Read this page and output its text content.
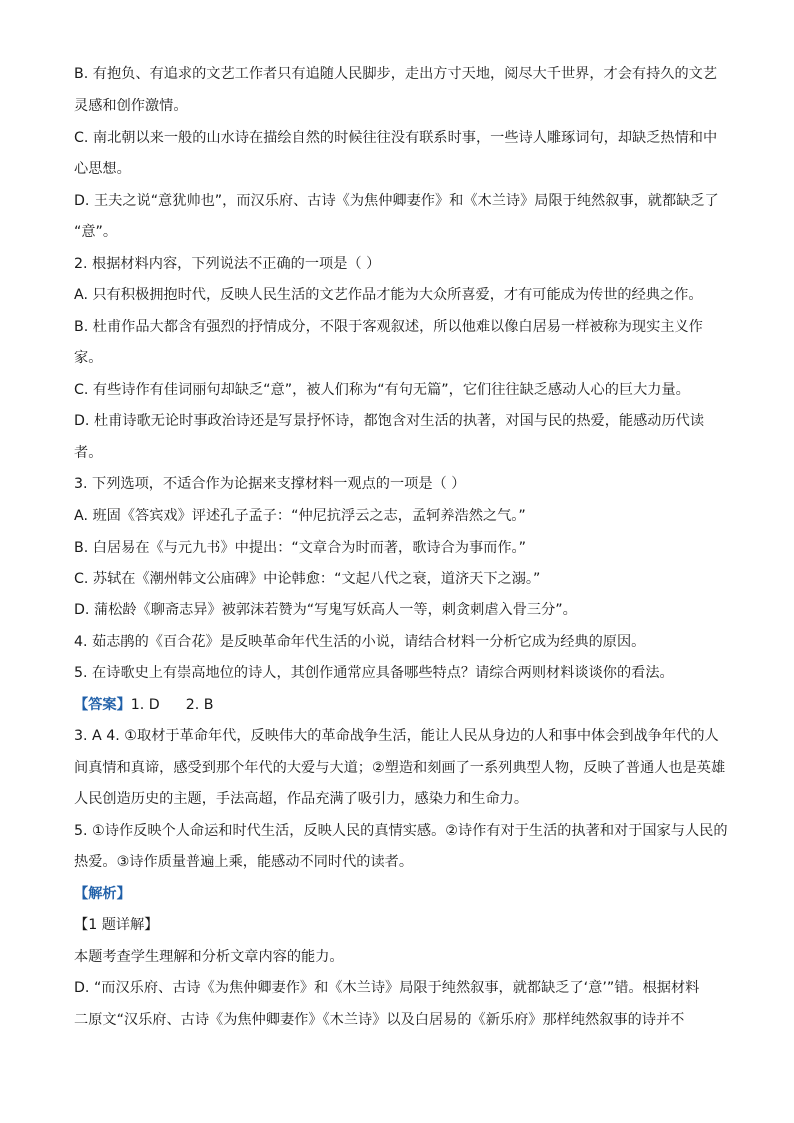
B. 有抱负、有追求的文艺工作者只有追随人民脚步，走出方寸天地，阅尽大千世界，才会有持久的文艺
灵感和创作激情。
C. 南北朝以来一般的山水诗在描绘自然的时候往往没有联系时事，一些诗人雕琢词句，却缺乏热情和中
心思想。
D. 王夫之说“意犹帅也”，而汉乐府、古诗《为焦仲卿妻作》和《木兰诗》局限于纯然叙事，就都缺乏了
“意”。
2. 根据材料内容，下列说法不正确的一项是（ ）
A. 只有积极拥抱时代，反映人民生活的文艺作品才能为大众所喜爱，才有可能成为传世的经典之作。
B. 杜甫作品大都含有强烈的抒情成分，不限于客观叙述，所以他难以像白居易一样被称为现实主义作
家。
C. 有些诗作有佳词丽句却缺乏“意”，被人们称为“有句无篇”，它们往往缺乏感动人心的巨大力量。
D. 杜甫诗歌无论时事政治诗还是写景抒怀诗，都饱含对生活的执著，对国与民的热爱，能感动历代读
者。
3. 下列选项，不适合作为论据来支撑材料一观点的一项是（ ）
A. 班固《答宾戏》评述孔子孟子：“仲尼抗浮云之志，孟轲养浩然之气。”
B. 白居易在《与元九书》中提出：“文章合为时而著，歌诗合为事而作。”
C. 苏轼在《潮州韩文公庙碑》中论韩愈：“文起八代之衰，道济天下之溺。”
D. 蒲松龄《聊斋志异》被郭沫若赞为“写鬼写妖高人一等，刺贪刺虐入骨三分”。
4. 茹志鹃的《百合花》是反映革命年代生活的小说，请结合材料一分析它成为经典的原因。
5. 在诗歌史上有崇高地位的诗人，其创作通常应具备哪些特点？请综合两则材料谈谈你的看法。
【答案】1. D 2. B
3. A 4. ①取材于革命年代，反映伟大的革命战争生活，能让人民从身边的人和事中体会到战争年代的人
间真情和真谛，感受到那个年代的大爱与大道；②塑造和刻画了一系列典型人物，反映了普通人也是英雄
人民创造历史的主题，手法高超，作品充满了吸引力，感染力和生命力。
5. ①诗作反映个人命运和时代生活，反映人民的真情实感。②诗作有对于生活的执著和对于国家与人民的
热爱。③诗作质量普遍上乘，能感动不同时代的读者。
【解析】
【1 题详解】
本题考查学生理解和分析文章内容的能力。
D. “而汉乐府、古诗《为焦仲卿妻作》和《木兰诗》局限于纯然叙事，就都缺乏了‘意’”错。根据材料
二原文“汉乐府、古诗《为焦仲卿妻作》《木兰诗》以及白居易的《新乐府》那样纯然叙事的诗并不
